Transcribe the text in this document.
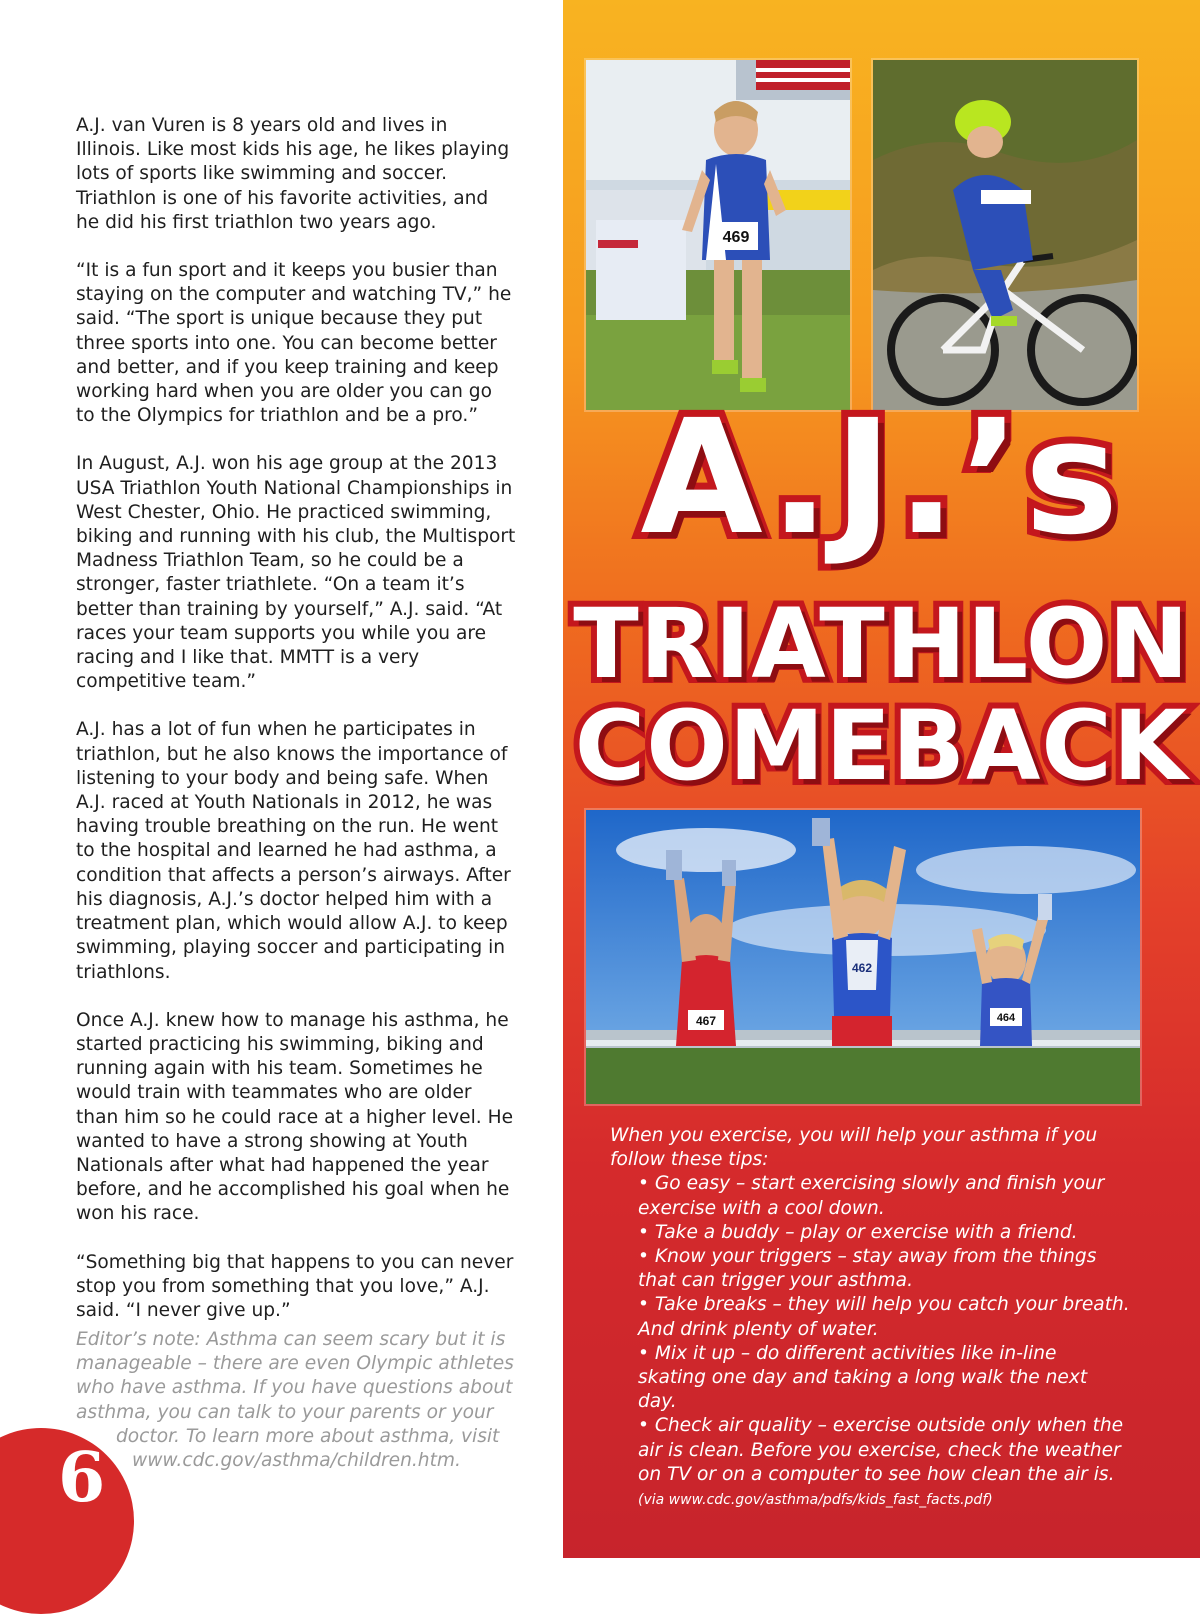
A.J. van Vuren is 8 years old and lives in Illinois. Like most kids his age, he likes playing lots of sports like swimming and soccer. Triathlon is one of his favorite activities, and he did his first triathlon two years ago.

“It is a fun sport and it keeps you busier than staying on the computer and watching TV,” he said. “The sport is unique because they put three sports into one. You can become better and better, and if you keep training and keep working hard when you are older you can go to the Olympics for triathlon and be a pro.”

In August, A.J. won his age group at the 2013 USA Triathlon Youth National Championships in West Chester, Ohio. He practiced swimming, biking and running with his club, the Multisport Madness Triathlon Team, so he could be a stronger, faster triathlete. “On a team it’s better than training by yourself,” A.J. said. “At races your team supports you while you are racing and I like that. MMTT is a very competitive team.”

A.J. has a lot of fun when he participates in triathlon, but he also knows the importance of listening to your body and being safe. When A.J. raced at Youth Nationals in 2012, he was having trouble breathing on the run. He went to the hospital and learned he had asthma, a condition that affects a person’s airways. After his diagnosis, A.J.’s doctor helped him with a treatment plan, which would allow A.J. to keep swimming, playing soccer and participating in triathlons.

Once A.J. knew how to manage his asthma, he started practicing his swimming, biking and running again with his team. Sometimes he would train with teammates who are older than him so he could race at a higher level. He wanted to have a strong showing at Youth Nationals after what had happened the year before, and he accomplished his goal when he won his race.

“Something big that happens to you can never stop you from something that you love,” A.J. said. “I never give up.”

Editor’s note: Asthma can seem scary but it is
manageable – there are even Olympic athletes
who have asthma. If you have questions about
asthma, you can talk to your parents or your
doctor. To learn more about asthma, visit
www.cdc.gov/asthma/children.htm.
6
469
A.J.’s
TRIATHLON
COMEBACK
467
462
464
When you exercise, you will help your asthma if you follow these tips:
• Go easy – start exercising slowly and finish your exercise with a cool down.
• Take a buddy – play or exercise with a friend.
• Know your triggers – stay away from the things that can trigger your asthma.
• Take breaks – they will help you catch your breath. And drink plenty of water.
• Mix it up – do different activities like in-line skating one day and taking a long walk the next day.
• Check air quality – exercise outside only when the air is clean. Before you exercise, check the weather on TV or on a computer to see how clean the air is.
(via www.cdc.gov/asthma/pdfs/kids_fast_facts.pdf)
